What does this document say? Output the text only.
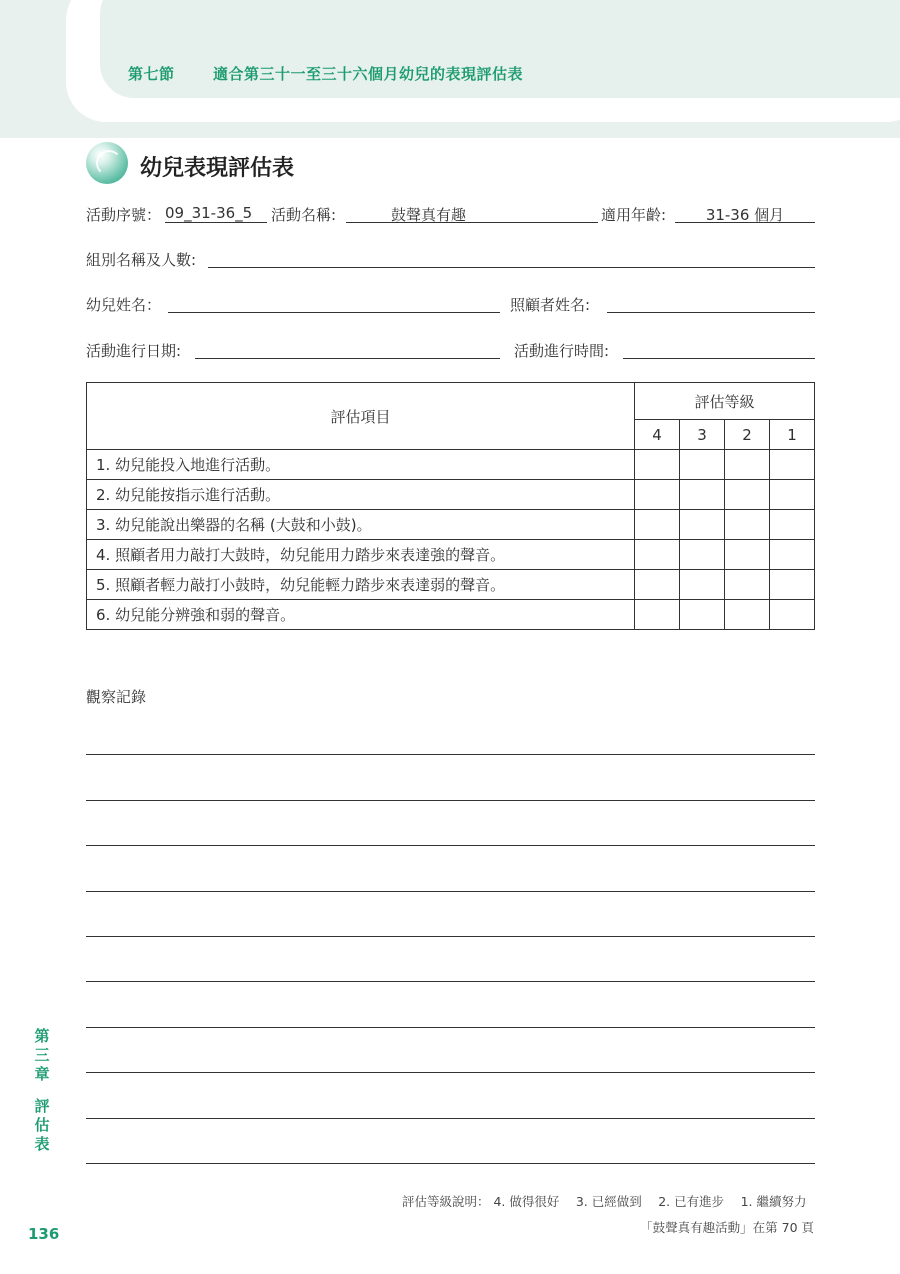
第七節	適合第三十一至三十六個月幼兒的表現評估表
幼兒表現評估表
活動序號： 09_31-36_5	活動名稱:	鼓聲真有趣	適用年齡:	31-36 個月
組別名稱及人數:
幼兒姓名：	照顧者姓名:
活動進行日期:	活動進行時間:
評估項目	評估等級			
	4	3	2	1
1. 幼兒能投入地進行活動。				
2. 幼兒能按指示進行活動。				
3. 幼兒能說出樂器的名稱 (大鼓和小鼓)。				
4. 照顧者用力敲打大鼓時，幼兒能用力踏步來表達強的聲音。				
5. 照顧者輕力敲打小鼓時，幼兒能輕力踏步來表達弱的聲音。				
6. 幼兒能分辨強和弱的聲音。				
觀察記錄
第
三
章
評
估
表
136
評估等級說明： 4. 做得很好　 3. 已經做到　 2. 已有進步　 1. 繼續努力
「鼓聲真有趣活動」在第 70 頁
